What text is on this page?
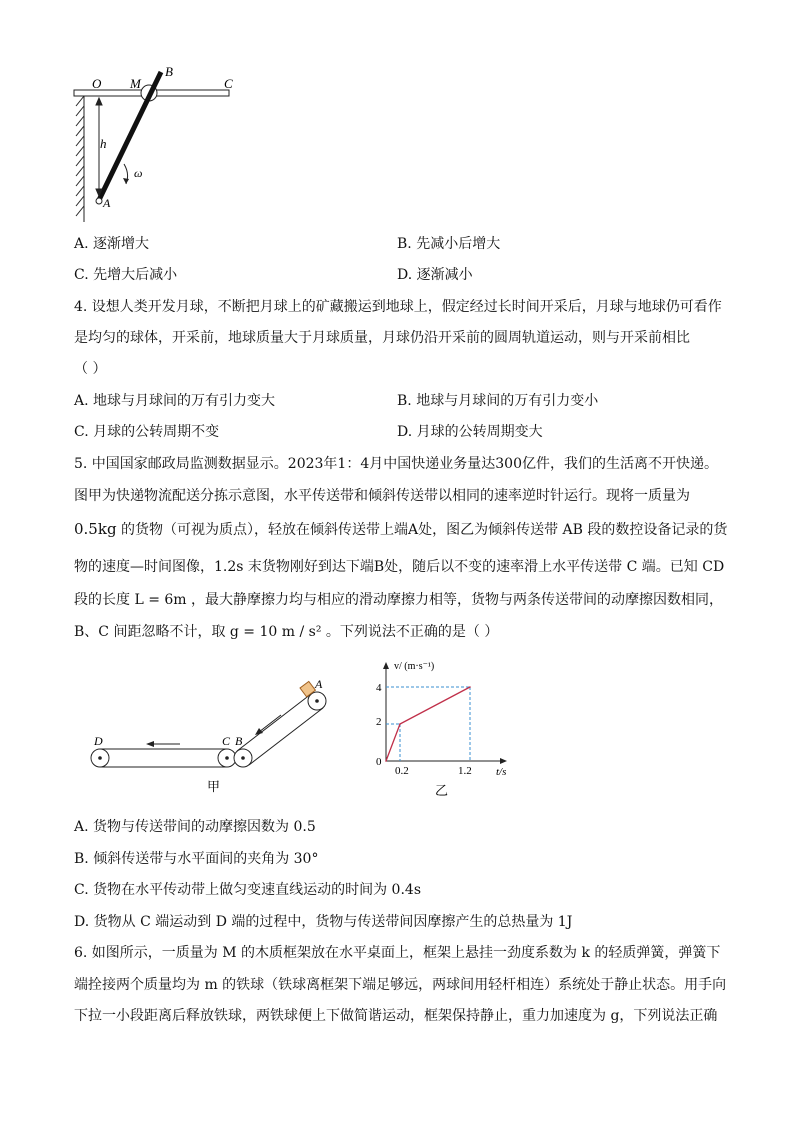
O M
B
C
h
ω
A
A. 逐渐增大	B. 先减小后增大
C. 先增大后减小	D. 逐渐减小
4. 设想人类开发月球，不断把月球上的矿藏搬运到地球上，假定经过长时间开采后，月球与地球仍可看作
是均匀的球体，开采前，地球质量大于月球质量，月球仍沿开采前的圆周轨道运动，则与开采前相比
（ ）
A. 地球与月球间的万有引力变大	B. 地球与月球间的万有引力变小
C. 月球的公转周期不变	D. 月球的公转周期变大
5. 中国国家邮政局监测数据显示。2023年1：4月中国快递业务量达300亿件，我们的生活离不开快递。
图甲为快递物流配送分拣示意图，水平传送带和倾斜传送带以相同的速率逆时针运行。现将一质量为
0.5kg 的货物（可视为质点），轻放在倾斜传送带上端A处，图乙为倾斜传送带 AB 段的数控设备记录的货
物的速度—时间图像，1.2s 末货物刚好到达下端B处，随后以不变的速率滑上水平传送带 C 端。已知 CD
段的长度 L = 6m ，最大静摩擦力均与相应的滑动摩擦力相等，货物与两条传送带间的动摩擦因数相同，
B、C 间距忽略不计，取 g = 10 m / s² 。下列说法不正确的是（ ）
D	C B
A
甲
v/ (m·s⁻¹)
4
2
0
0.2	1.2 t/s
乙
A. 货物与传送带间的动摩擦因数为 0.5
B. 倾斜传送带与水平面间的夹角为 30°
C. 货物在水平传动带上做匀变速直线运动的时间为 0.4s
D. 货物从 C 端运动到 D 端的过程中，货物与传送带间因摩擦产生的总热量为 1J
6. 如图所示，一质量为 M 的木质框架放在水平桌面上，框架上悬挂一劲度系数为 k 的轻质弹簧，弹簧下
端拴接两个质量均为 m 的铁球（铁球离框架下端足够远，两球间用轻杆相连）系统处于静止状态。用手向
下拉一小段距离后释放铁球，两铁球便上下做简谐运动，框架保持静止，重力加速度为 g，下列说法正确
